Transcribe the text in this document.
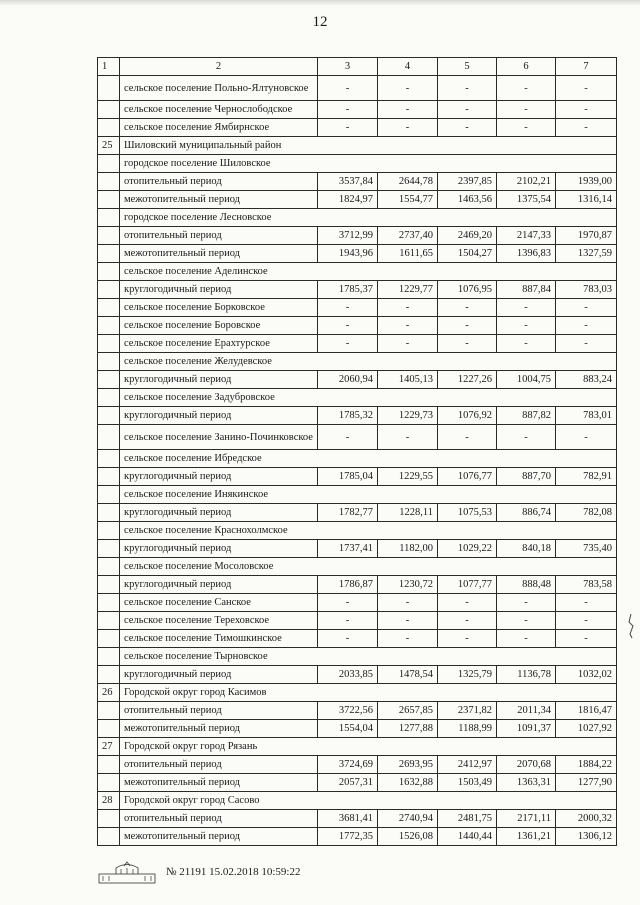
12
1	2	3	4	5	6	7
	сельское поселение Польно-Ялтуновское	-	-	-	-	-
	сельское поселение Чернослободское	-	-	-	-	-
	сельское поселение Ямбирнское	-	-	-	-	-
25	Шиловский муниципальный район					
	городское поселение Шиловское					
	отопительный период	3537,84	2644,78	2397,85	2102,21	1939,00
	межотопительный период	1824,97	1554,77	1463,56	1375,54	1316,14
	городское поселение Лесновское					
	отопительный период	3712,99	2737,40	2469,20	2147,33	1970,87
	межотопительный период	1943,96	1611,65	1504,27	1396,83	1327,59
	сельское поселение Аделинское					
	круглогодичный период	1785,37	1229,77	1076,95	887,84	783,03
	сельское поселение Борковское	-	-	-	-	-
	сельское поселение Боровское	-	-	-	-	-
	сельское поселение Ерахтурское	-	-	-	-	-
	сельское поселение Желудевское					
	круглогодичный период	2060,94	1405,13	1227,26	1004,75	883,24
	сельское поселение Задубровское					
	круглогодичный период	1785,32	1229,73	1076,92	887,82	783,01
	сельское поселение Занино-Починковское	-	-	-	-	-
	сельское поселение Ибредское					
	круглогодичный период	1785,04	1229,55	1076,77	887,70	782,91
	сельское поселение Инякинское					
	круглогодичный период	1782,77	1228,11	1075,53	886,74	782,08
	сельское поселение Краснохолмское					
	круглогодичный период	1737,41	1182,00	1029,22	840,18	735,40
	сельское поселение Мосоловское					
	круглогодичный период	1786,87	1230,72	1077,77	888,48	783,58
	сельское поселение Санское	-	-	-	-	-
	сельское поселение Тереховское	-	-	-	-	-
	сельское поселение Тимошкинское	-	-	-	-	-
	сельское поселение Тырновское					
	круглогодичный период	2033,85	1478,54	1325,79	1136,78	1032,02
26	Городской округ город Касимов					
	отопительный период	3722,56	2657,85	2371,82	2011,34	1816,47
	межотопительный период	1554,04	1277,88	1188,99	1091,37	1027,92
27	Городской округ город Рязань					
	отопительный период	3724,69	2693,95	2412,97	2070,68	1884,22
	межотопительный период	2057,31	1632,88	1503,49	1363,31	1277,90
28	Городской округ город Сасово					
	отопительный период	3681,41	2740,94	2481,75	2171,11	2000,32
	межотопительный период	1772,35	1526,08	1440,44	1361,21	1306,12
№ 21191 15.02.2018 10:59:22
